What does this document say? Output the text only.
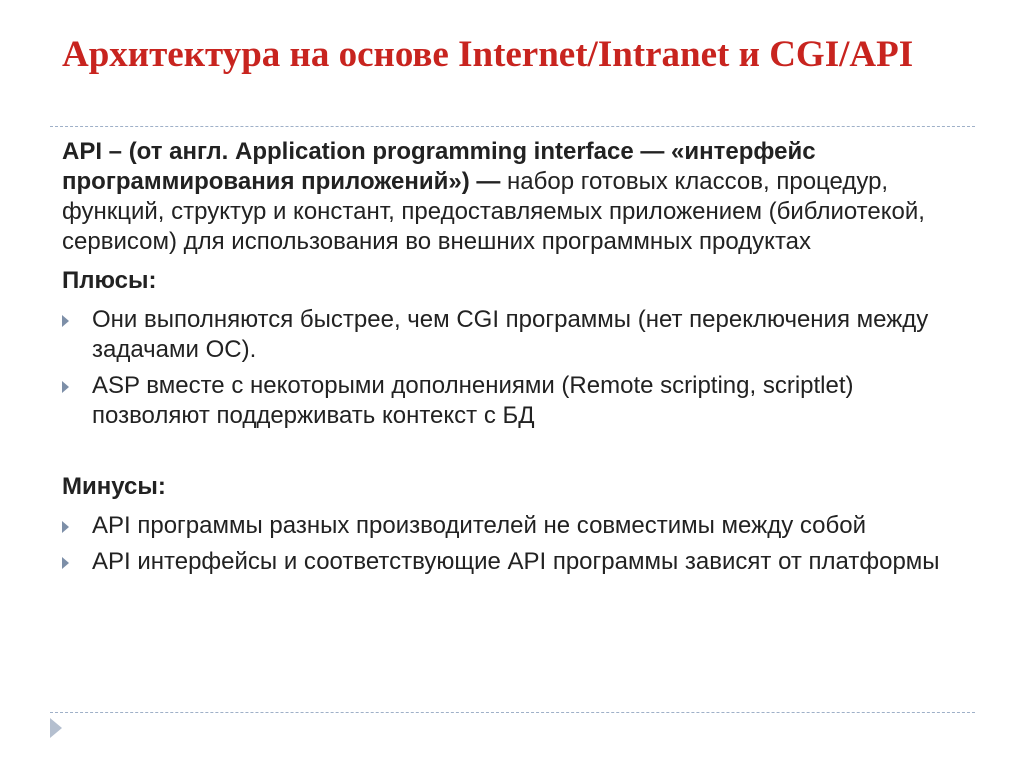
Архитектура на основе Internet/Intranet и CGI/API

API – (от англ. Application programming interface — «интерфейс программирования приложений») — набор готовых классов, процедур, функций, структур и констант, предоставляемых приложением (библиотекой, сервисом) для использования во внешних программных продуктах

Плюсы:

Они выполняются быстрее, чем CGI программы (нет переключения между задачами ОС).
ASP вместе с некоторыми дополнениями (Remote scripting, scriptlet) позволяют поддерживать контекст с БД

Минусы:

API программы разных производителей не совместимы между собой
API интерфейсы и соответствующие API программы зависят от платформы
